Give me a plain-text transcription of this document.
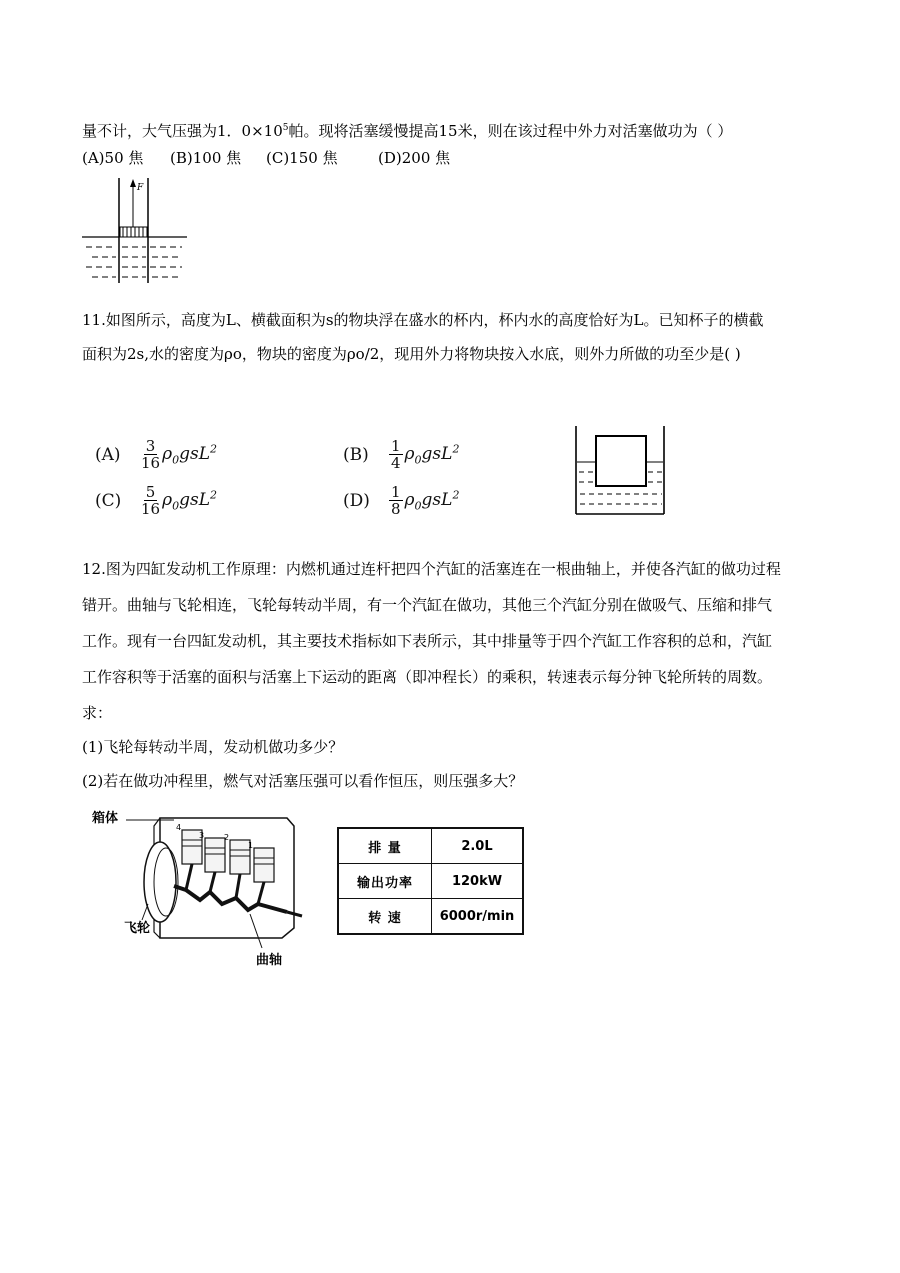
量不计，大气压强为1．$0\times 10^5$帕。现将活塞缓慢提高15米，则在该过程中外力对活塞做功为（ ）
(A)50 焦 (B)100 焦 (C)150 焦	(D)200 焦
F
11.如图所示，高度为L、横截面积为s的物块浮在盛水的杯内，杯内水的高度恰好为L。已知杯子的横截
面积为2s,水的密度为ρo，物块的密度为ρo/2，现用外力将物块按入水底，则外力所做的功至少是( )
$(A) \frac{3}{16} \rho_0gsL^2$	$(B) \frac{1}{4} \rho_0gsL^2$
$(C) \frac{5}{16} \rho_0gsL^2$	$(D) \frac{1}{8} \rho_0gsL^2$
12.图为四缸发动机工作原理：内燃机通过连杆把四个汽缸的活塞连在一根曲轴上，并使各汽缸的做功过程
错开。曲轴与飞轮相连，飞轮每转动半周，有一个汽缸在做功，其他三个汽缸分别在做吸气、压缩和排气
工作。现有一台四缸发动机，其主要技术指标如下表所示，其中排量等于四个汽缸工作容积的总和，汽缸
工作容积等于活塞的面积与活塞上下运动的距离（即冲程长）的乘积，转速表示每分钟飞轮所转的周数。
求：
(1)飞轮每转动半周，发动机做功多少？
(2)若在做功冲程里，燃气对活塞压强可以看作恒压，则压强多大？
4
3 2
1
箱体
飞轮
曲轴
排 量	2.0L
输出功率	120kW
转 速	6000r/min
